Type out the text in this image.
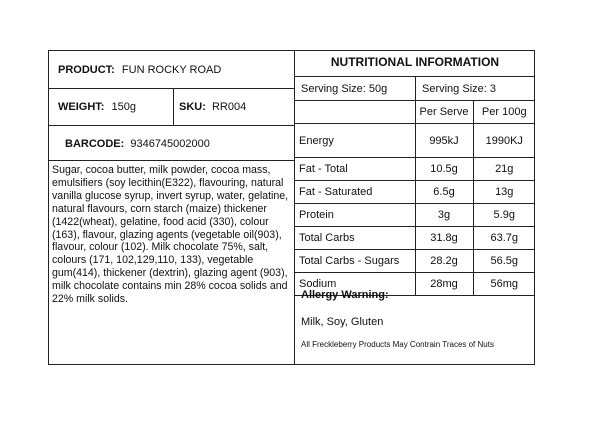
PRODUCT: FUN ROCKY ROAD
WEIGHT: 150g	SKU: RR004
BARCODE: 9346745002000
Sugar, cocoa butter, milk powder, cocoa mass, emulsifiers (soy lecithin(E322), flavouring, natural vanilla glucose syrup, invert syrup, water, gelatine, natural flavours, corn starch (maize) thickener (1422(wheat), gelatine, food acid (330), colour (163), flavour, glazing agents (vegetable oil(903), flavour, colour (102). Milk chocolate 75%, salt, colours (171, 102,129,110, 133), vegetable gum(414), thickener (dextrin), glazing agent (903), milk chocolate contains min 28% cocoa solids and 22% milk solids.
NUTRITIONAL INFORMATION
Serving Size: 50g	Serving Size: 3
	Per Serve	Per 100g
Energy	995kJ	1990KJ
Fat - Total	10.5g	21g
Fat - Saturated	6.5g	13g
Protein	3g	5.9g
Total Carbs	31.8g	63.7g
Total Carbs - Sugars	28.2g	56.5g
Sodium	28mg	56mg
Allergy Warning:
Milk, Soy, Gluten
All Freckleberry Products May Contrain Traces of Nuts
